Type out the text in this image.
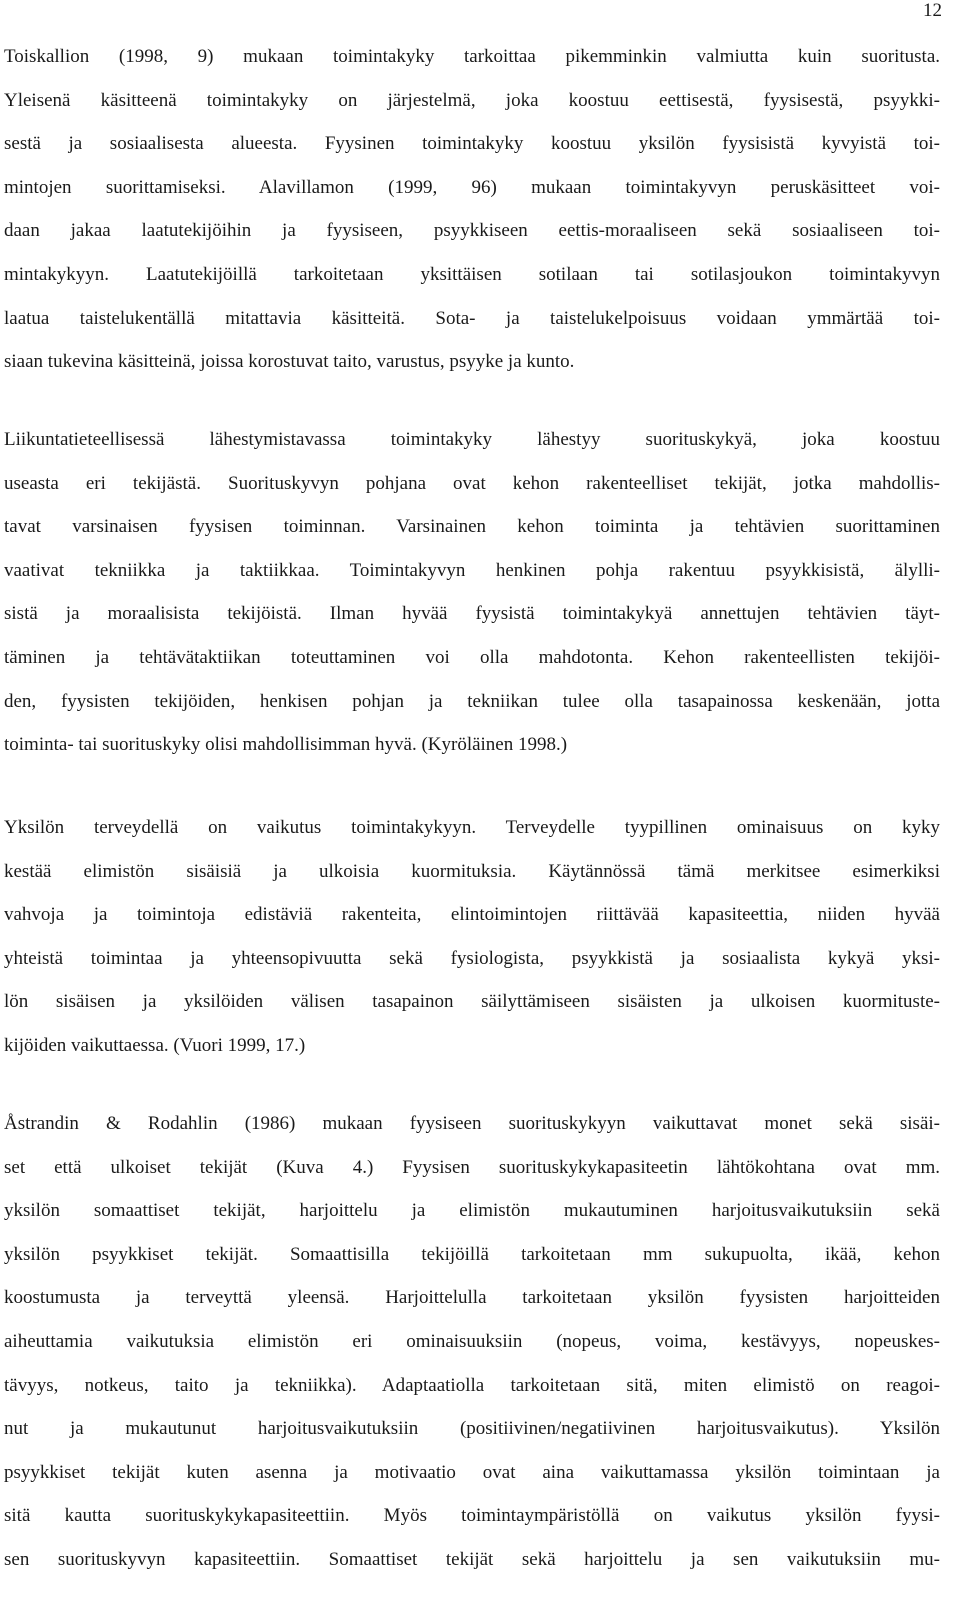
12
Toiskallion (1998, 9) mukaan toimintakyky tarkoittaa pikemminkin valmiutta kuin suoritusta.
Yleisenä käsitteenä toimintakyky on järjestelmä, joka koostuu eettisestä, fyysisestä, psyykki-
sestä ja sosiaalisesta alueesta. Fyysinen toimintakyky koostuu yksilön fyysisistä kyvyistä toi-
mintojen suorittamiseksi. Alavillamon (1999, 96) mukaan toimintakyvyn peruskäsitteet voi-
daan jakaa laatutekijöihin ja fyysiseen, psyykkiseen eettis-moraaliseen sekä sosiaaliseen toi-
mintakykyyn. Laatutekijöillä tarkoitetaan yksittäisen sotilaan tai sotilasjoukon toimintakyvyn
laatua taistelukentällä mitattavia käsitteitä. Sota- ja taistelukelpoisuus voidaan ymmärtää toi-
siaan tukevina käsitteinä, joissa korostuvat taito, varustus, psyyke ja kunto.
Liikuntatieteellisessä lähestymistavassa toimintakyky lähestyy suorituskykyä, joka koostuu
useasta eri tekijästä. Suorituskyvyn pohjana ovat kehon rakenteelliset tekijät, jotka mahdollis-
tavat varsinaisen fyysisen toiminnan. Varsinainen kehon toiminta ja tehtävien suorittaminen
vaativat tekniikka ja taktiikkaa. Toimintakyvyn henkinen pohja rakentuu psyykkisistä, älylli-
sistä ja moraalisista tekijöistä. Ilman hyvää fyysistä toimintakykyä annettujen tehtävien täyt-
täminen ja tehtävätaktiikan toteuttaminen voi olla mahdotonta. Kehon rakenteellisten tekijöi-
den, fyysisten tekijöiden, henkisen pohjan ja tekniikan tulee olla tasapainossa keskenään, jotta
toiminta- tai suorituskyky olisi mahdollisimman hyvä. (Kyröläinen 1998.)
Yksilön terveydellä on vaikutus toimintakykyyn. Terveydelle tyypillinen ominaisuus on kyky
kestää elimistön sisäisiä ja ulkoisia kuormituksia. Käytännössä tämä merkitsee esimerkiksi
vahvoja ja toimintoja edistäviä rakenteita, elintoimintojen riittävää kapasiteettia, niiden hyvää
yhteistä toimintaa ja yhteensopivuutta sekä fysiologista, psyykkistä ja sosiaalista kykyä yksi-
lön sisäisen ja yksilöiden välisen tasapainon säilyttämiseen sisäisten ja ulkoisen kuormituste-
kijöiden vaikuttaessa. (Vuori 1999, 17.)
Åstrandin & Rodahlin (1986) mukaan fyysiseen suorituskykyyn vaikuttavat monet sekä sisäi-
set että ulkoiset tekijät (Kuva 4.) Fyysisen suorituskykykapasiteetin lähtökohtana ovat mm.
yksilön somaattiset tekijät, harjoittelu ja elimistön mukautuminen harjoitusvaikutuksiin sekä
yksilön psyykkiset tekijät. Somaattisilla tekijöillä tarkoitetaan mm sukupuolta, ikää, kehon
koostumusta ja terveyttä yleensä. Harjoittelulla tarkoitetaan yksilön fyysisten harjoitteiden
aiheuttamia vaikutuksia elimistön eri ominaisuuksiin (nopeus, voima, kestävyys, nopeuskes-
tävyys, notkeus, taito ja tekniikka). Adaptaatiolla tarkoitetaan sitä, miten elimistö on reagoi-
nut ja mukautunut harjoitusvaikutuksiin (positiivinen/negatiivinen harjoitusvaikutus). Yksilön
psyykkiset tekijät kuten asenna ja motivaatio ovat aina vaikuttamassa yksilön toimintaan ja
sitä kautta suorituskykykapasiteettiin. Myös toimintaympäristöllä on vaikutus yksilön fyysi-
sen suorituskyvyn kapasiteettiin. Somaattiset tekijät sekä harjoittelu ja sen vaikutuksiin mu-
